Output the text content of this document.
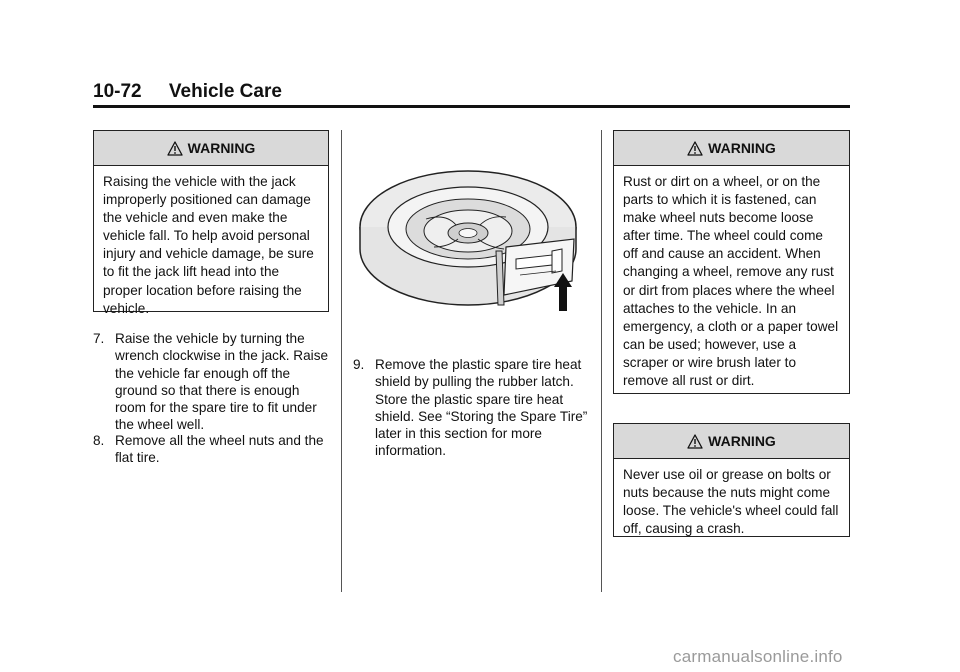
10-72 Vehicle Care
WARNING
Raising the vehicle with the jack improperly positioned can damage the vehicle and even make the vehicle fall. To help avoid personal injury and vehicle damage, be sure to fit the jack lift head into the proper location before raising the vehicle.
7. Raise the vehicle by turning the wrench clockwise in the jack. Raise the vehicle far enough off the ground so that there is enough room for the spare tire to fit under the wheel well.
8. Remove all the wheel nuts and the flat tire.
9. Remove the plastic spare tire heat shield by pulling the rubber latch. Store the plastic spare tire heat shield. See “Storing the Spare Tire” later in this section for more information.
WARNING
Rust or dirt on a wheel, or on the parts to which it is fastened, can make wheel nuts become loose after time. The wheel could come off and cause an accident. When changing a wheel, remove any rust or dirt from places where the wheel attaches to the vehicle. In an emergency, a cloth or a paper towel can be used; however, use a scraper or wire brush later to remove all rust or dirt.
WARNING
Never use oil or grease on bolts or nuts because the nuts might come loose. The vehicle's wheel could fall off, causing a crash.
carmanualsonline.info
